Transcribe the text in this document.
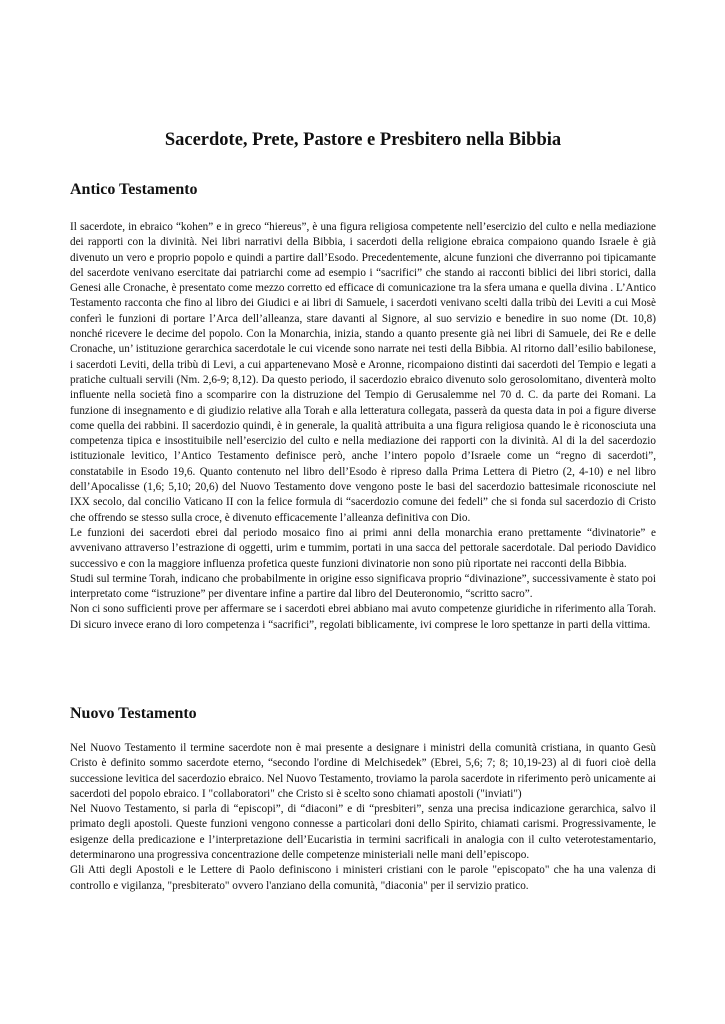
Sacerdote, Prete, Pastore e Presbitero nella Bibbia
Antico Testamento

Il sacerdote, in ebraico “kohen” e in greco “hiereus”, è una figura religiosa competente nell’esercizio del culto e nella mediazione dei rapporti con la divinità. Nei libri narrativi della Bibbia, i sacerdoti della religione ebraica compaiono quando Israele è già divenuto un vero e proprio popolo e quindi a partire dall’Esodo. Precedentemente, alcune funzioni che diverranno poi tipicamante del sacerdote venivano esercitate dai patriarchi come ad esempio i “sacrifici” che stando ai racconti biblici dei libri storici, dalla Genesi alle Cronache, è presentato come mezzo corretto ed efficace di comunicazione tra la sfera umana e quella divina . L’Antico Testamento racconta che fino al libro dei Giudici e ai libri di Samuele, i sacerdoti venivano scelti dalla tribù dei Leviti a cui Mosè conferì le funzioni di portare l’Arca dell’alleanza, stare davanti al Signore, al suo servizio e benedire in suo nome (Dt. 10,8) nonché ricevere le decime del popolo. Con la Monarchia, inizia, stando a quanto presente già nei libri di Samuele, dei Re e delle Cronache, un’ istituzione gerarchica sacerdotale le cui vicende sono narrate nei testi della Bibbia. Al ritorno dall’esilio babilonese, i sacerdoti Leviti, della tribù di Levi, a cui appartenevano Mosè e Aronne, ricompaiono distinti dai sacerdoti del Tempio e legati a pratiche cultuali servili (Nm. 2,6-9; 8,12). Da questo periodo, il sacerdozio ebraico divenuto solo gerosolomitano, diventerà molto influente nella società fino a scomparire con la distruzione del Tempio di Gerusalemme nel 70 d. C. da parte dei Romani. La funzione di insegnamento e di giudizio relative alla Torah e alla letteratura collegata, passerà da questa data in poi a figure diverse come quella dei rabbini. Il sacerdozio quindi, è in generale, la qualità attribuita a una figura religiosa quando le è riconosciuta una competenza tipica e insostituibile nell’esercizio del culto e nella mediazione dei rapporti con la divinità. Al di la del sacerdozio istituzionale levitico, l’Antico Testamento definisce però, anche l’intero popolo d’Israele come un “regno di sacerdoti”, constatabile in Esodo 19,6. Quanto contenuto nel libro dell’Esodo è ripreso dalla Prima Lettera di Pietro (2, 4-10) e nel libro dell’Apocalisse (1,6; 5,10; 20,6) del Nuovo Testamento dove vengono poste le basi del sacerdozio battesimale riconosciute nel IXX secolo, dal concilio Vaticano II con la felice formula di “sacerdozio comune dei fedeli” che si fonda sul sacerdozio di Cristo che offrendo se stesso sulla croce, è divenuto efficacemente l’alleanza definitiva con Dio.

Le funzioni dei sacerdoti ebrei dal periodo mosaico fino ai primi anni della monarchia erano prettamente “divinatorie” e avvenivano attraverso l’estrazione di oggetti, urim e tummim, portati in una sacca del pettorale sacerdotale. Dal periodo Davidico successivo e con la maggiore influenza profetica queste funzioni divinatorie non sono più riportate nei racconti della Bibbia.

Studi sul termine Torah, indicano che probabilmente in origine esso significava proprio “divinazione”, successivamente è stato poi interpretato come “istruzione” per diventare infine a partire dal libro del Deuteronomio, “scritto sacro”.

Non ci sono sufficienti prove per affermare se i sacerdoti ebrei abbiano mai avuto competenze giuridiche in riferimento alla Torah. Di sicuro invece erano di loro competenza i “sacrifici”, regolati biblicamente, ivi comprese le loro spettanze in parti della vittima.

Nuovo Testamento

Nel Nuovo Testamento il termine sacerdote non è mai presente a designare i ministri della comunità cristiana, in quanto Gesù Cristo è definito sommo sacerdote eterno, “secondo l'ordine di Melchisedek” (Ebrei, 5,6; 7; 8; 10,19-23) al di fuori cioè della successione levitica del sacerdozio ebraico. Nel Nuovo Testamento, troviamo la parola sacerdote in riferimento però unicamente ai sacerdoti del popolo ebraico. I "collaboratori" che Cristo si è scelto sono chiamati apostoli ("inviati")

Nel Nuovo Testamento, si parla di “episcopi”, di “diaconi” e di “presbiteri”, senza una precisa indicazione gerarchica, salvo il primato degli apostoli. Queste funzioni vengono connesse a particolari doni dello Spirito, chiamati carismi. Progressivamente, le esigenze della predicazione e l’interpretazione dell’Eucaristia in termini sacrificali in analogia con il culto veterotestamentario, determinarono una progressiva concentrazione delle competenze ministeriali nelle mani dell’episcopo.

Gli Atti degli Apostoli e le Lettere di Paolo definiscono i ministeri cristiani con le parole "episcopato" che ha una valenza di controllo e vigilanza, "presbiterato" ovvero l'anziano della comunità, "diaconia" per il servizio pratico.
